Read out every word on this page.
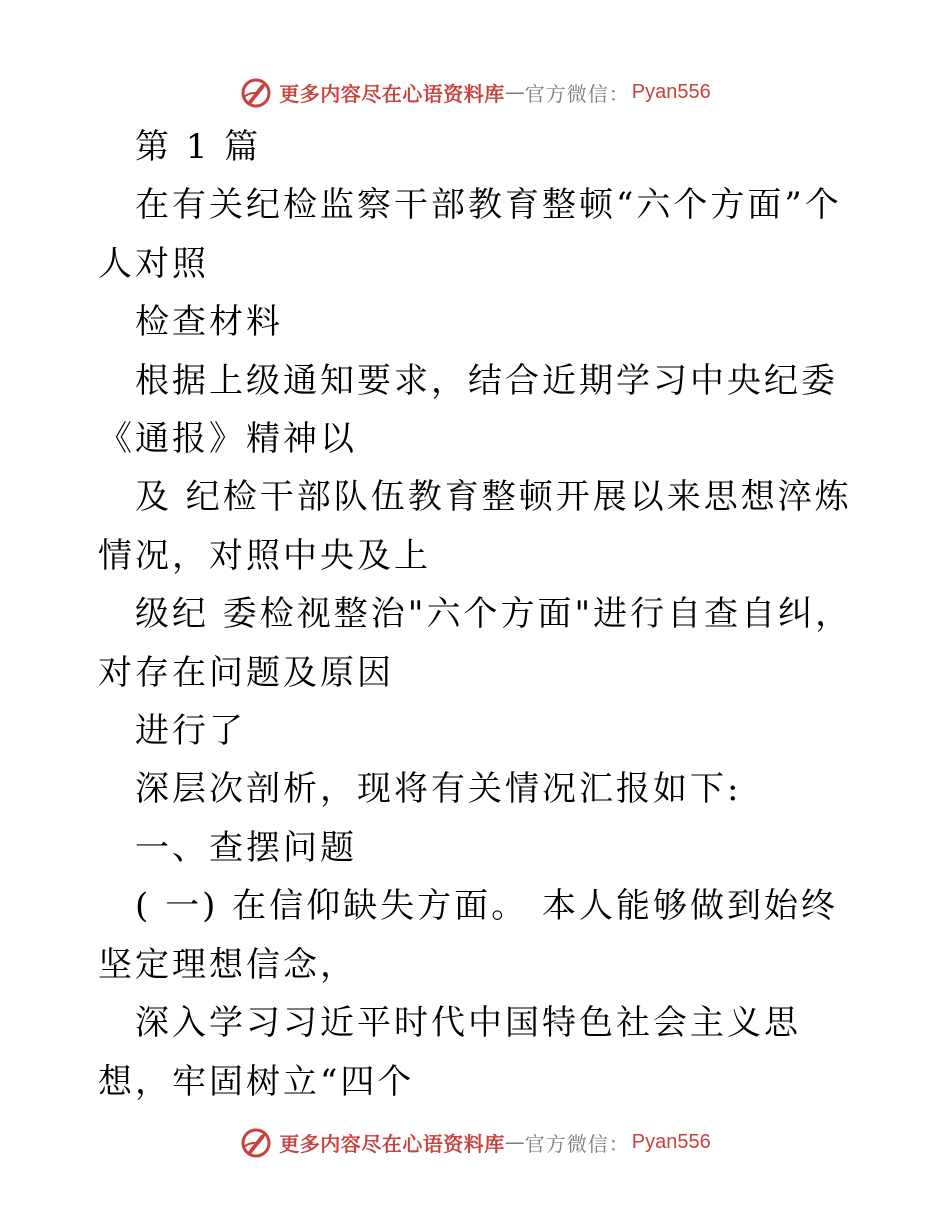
更多内容尽在心语资料库 — 官方微信： Pyan556

第 1 篇

在有关纪检监察干部教育整顿“六个方面”个人对照

检查材料

根据上级通知要求，结合近期学习中央纪委《通报》精神以

及 纪检干部队伍教育整顿开展以来思想淬炼情况，对照中央及上

级纪 委检视整治"六个方面"进行自查自纠，对存在问题及原因

进行了

深层次剖析，现将有关情况汇报如下:

一、查摆问题

( 一) 在信仰缺失方面。 本人能够做到始终坚定理想信念，

深入学习习近平时代中国特色社会主义思想，牢固树立“四个

更多内容尽在心语资料库 — 官方微信： Pyan556
